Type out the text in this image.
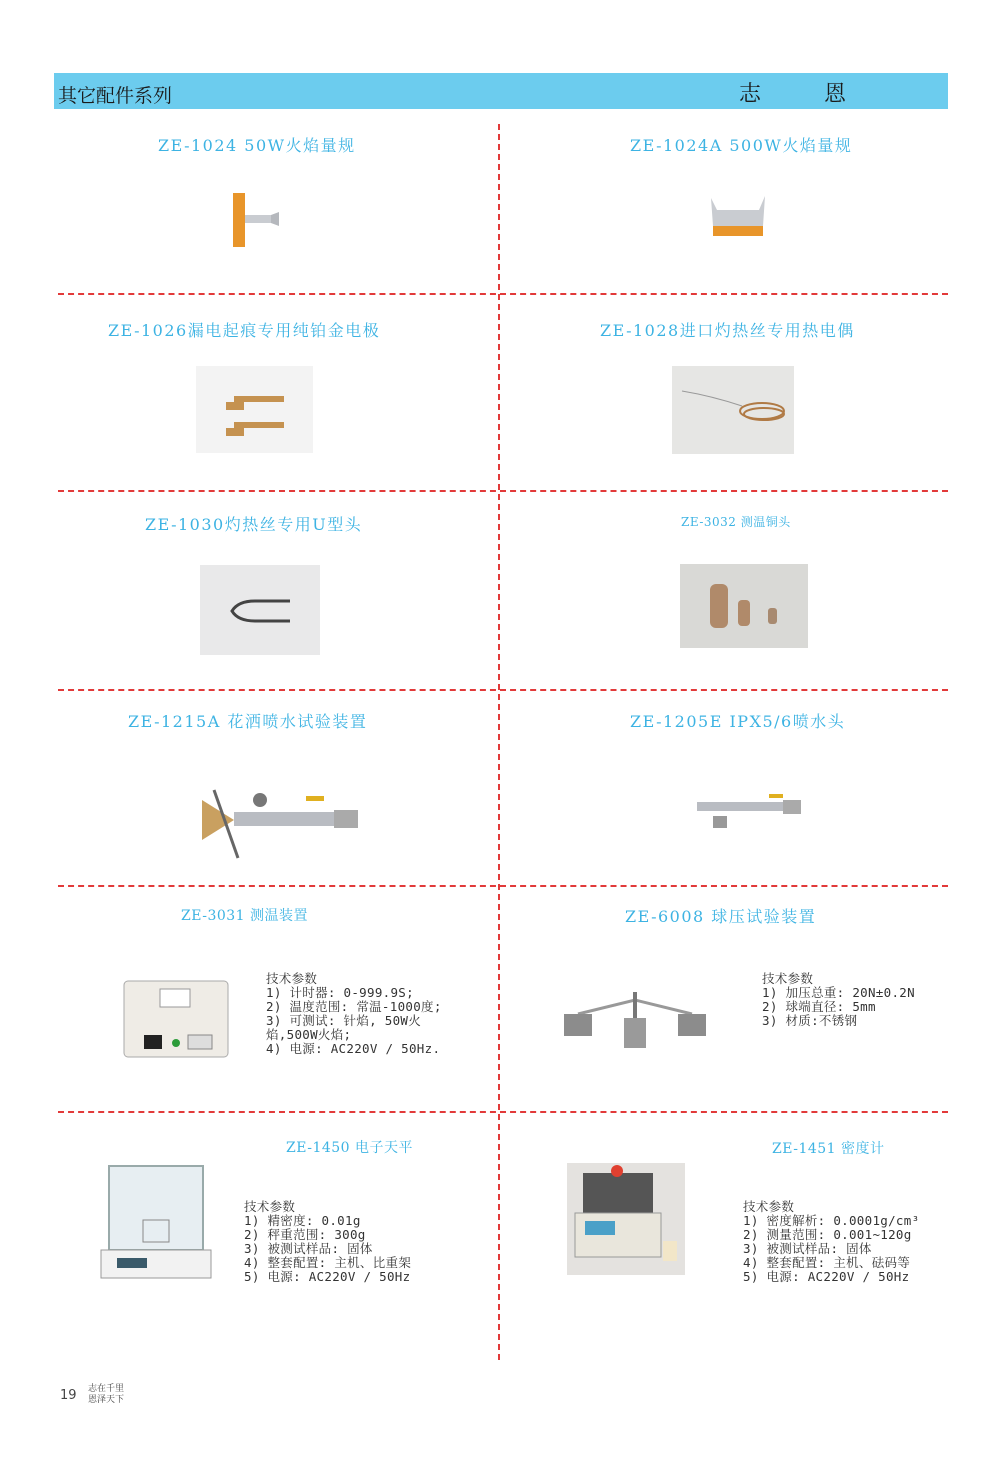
其它配件系列	志 恩
ZE-1024 50W火焰量规	ZE-1024A 500W火焰量规
ZE-1026漏电起痕专用纯铂金电极	ZE-1028进口灼热丝专用热电偶
ZE-1030灼热丝专用U型头	ZE-3032 测温铜头
ZE-1215A 花洒喷水试验装置	ZE-1205E IPX5/6喷水头
ZE-3031 测温装置
技术参数
1) 计时器: 0-999.9S;
2) 温度范围: 常温-1000度;
3) 可测试: 针焰, 50W火
焰,500W火焰;
4) 电源: AC220V / 50Hz.
ZE-6008 球压试验装置
技术参数
1) 加压总重: 20N±0.2N
2) 球端直径: 5mm
3) 材质:不锈钢
ZE-1450 电子天平
技术参数
1) 精密度: 0.01g
2) 秤重范围: 300g
3) 被测试样品: 固体
4) 整套配置: 主机、比重架
5) 电源: AC220V / 50Hz
ZE-1451 密度计
技术参数
1) 密度解析: 0.0001g/cm³
2) 测量范围: 0.001~120g
3) 被测试样品: 固体
4) 整套配置: 主机、砝码等
5) 电源: AC220V / 50Hz
19 志在千里
恩泽天下
